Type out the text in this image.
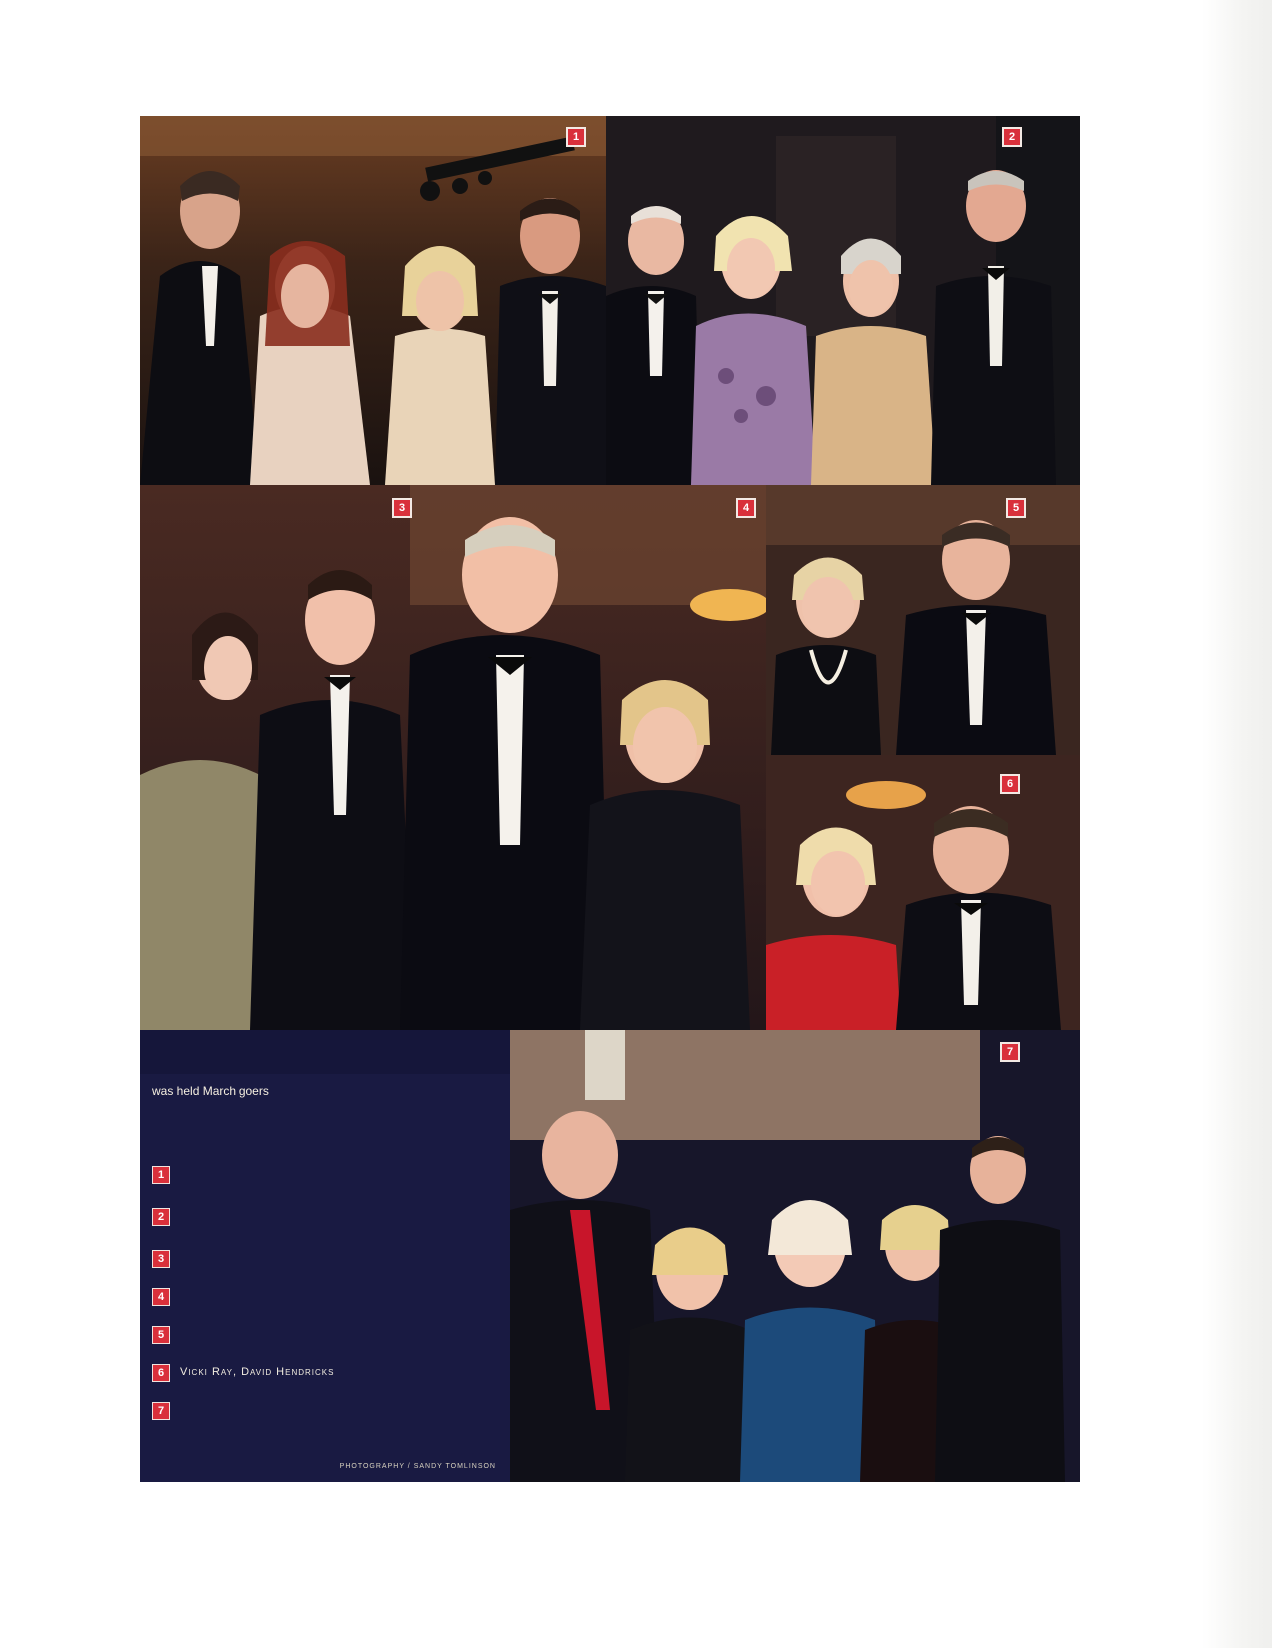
1	2
3	4	5
6
7
was held March goers
1
2
3
4
5
6	Vicki Ray, David Hendricks
7
PHOTOGRAPHY / SANDY TOMLINSON
